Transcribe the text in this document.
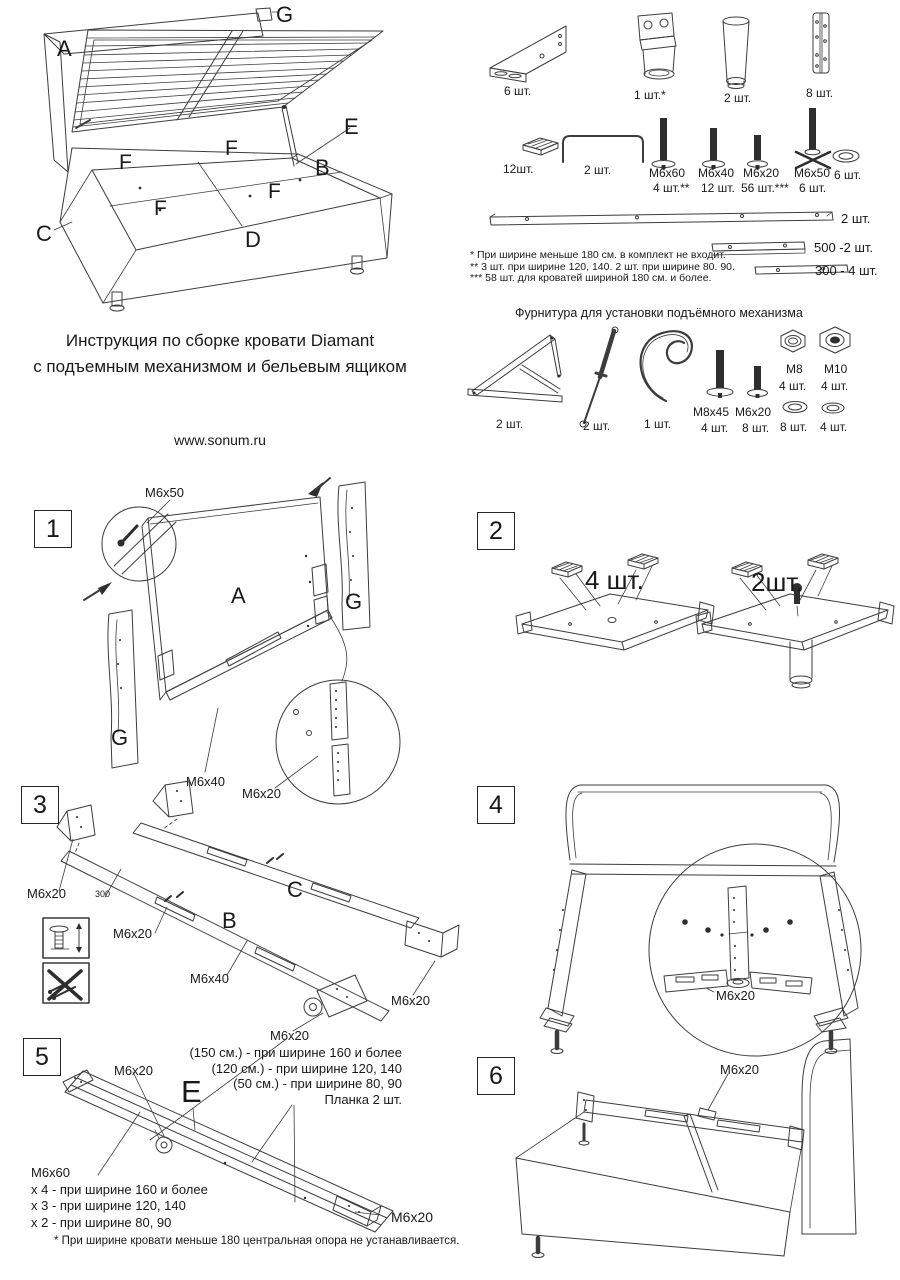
A
G
E
B
C	D
F
F
F
F
Инструкция по сборке кровати Diamant
с подъемным механизмом и бельевым ящиком
www.sonum.ru
6 шт.	1 шт.*	2 шт.	8 шт.
12шт.	2 шт.	M6x60
4 шт.**
M6x40
12 шт.
M6x20
56 шт.***
M6x50
6 шт.
6 шт.
2 шт.
500 -2 шт.
300 - 4 шт.
* При ширине меньше 180 см. в комплект не входит.
** 3 шт. при ширине 120, 140. 2 шт. при ширине 80. 90.
*** 58 шт. для кроватей шириной 180 см. и более.
Фурнитура для установки подъёмного механизма
2 шт.	2 шт.	1 шт.
M8x45
4 шт.
M6x20
8 шт.
M8
4 шт.
M10
4 шт.
8 шт. 4 шт.
1
M6x50
A	G
G
M6x40
M6x20
2
4 шт.	2шт.
3
M6x20	300
M6x20
B
C
M6x40
M6x20
M6x20
4
M6x20
5	M6x20
E
(150 см.) - при ширине 160 и более
(120 см.) - при ширине 120, 140
(50 см.) - при ширине 80, 90
Планка 2 шт.
M6x60
x 4 - при ширине 160 и более
x 3 - при ширине 120, 140
x 2 - при ширине 80, 90	M6x20
* При ширине кровати меньше 180 центральная опора не устанавливается.
6	M6x20
